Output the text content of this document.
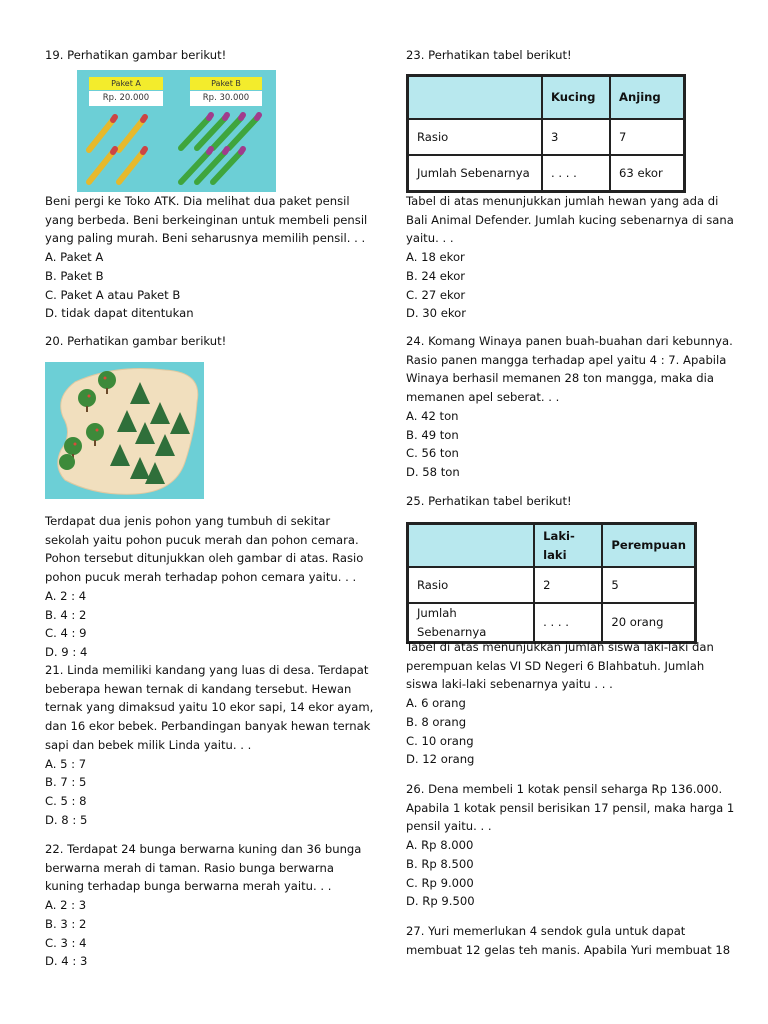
19. Perhatikan gambar berikut!
Paket A
Rp. 20.000
Paket B
Rp. 30.000
Beni pergi ke Toko ATK. Dia melihat dua paket pensil
yang berbeda. Beni berkeinginan untuk membeli pensil
yang paling murah. Beni seharusnya memilih pensil. . .
A. Paket A
B. Paket B
C. Paket A atau Paket B
D. tidak dapat ditentukan
20. Perhatikan gambar berikut!
Terdapat dua jenis pohon yang tumbuh di sekitar
sekolah yaitu pohon pucuk merah dan pohon cemara.
Pohon tersebut ditunjukkan oleh gambar di atas. Rasio
pohon pucuk merah terhadap pohon cemara yaitu. . .
A. 2 : 4
B. 4 : 2
C. 4 : 9
D. 9 : 4
21. Linda memiliki kandang yang luas di desa. Terdapat
beberapa hewan ternak di kandang tersebut. Hewan
ternak yang dimaksud yaitu 10 ekor sapi, 14 ekor ayam,
dan 16 ekor bebek. Perbandingan banyak hewan ternak
sapi dan bebek milik Linda yaitu. . .
A. 5 : 7
B. 7 : 5
C. 5 : 8
D. 8 : 5
22. Terdapat 24 bunga berwarna kuning dan 36 bunga
berwarna merah di taman. Rasio bunga berwarna
kuning terhadap bunga berwarna merah yaitu. . .
A. 2 : 3
B. 3 : 2
C. 3 : 4
D. 4 : 3
23. Perhatikan tabel berikut!
	Kucing	Anjing
Rasio	3	7
Jumlah Sebenarnya	. . . .	63 ekor
Tabel di atas menunjukkan jumlah hewan yang ada di
Bali Animal Defender. Jumlah kucing sebenarnya di sana
yaitu. . .
A. 18 ekor
B. 24 ekor
C. 27 ekor
D. 30 ekor
24. Komang Winaya panen buah-buahan dari kebunnya.
Rasio panen mangga terhadap apel yaitu 4 : 7. Apabila
Winaya berhasil memanen 28 ton mangga, maka dia
memanen apel seberat. . .
A. 42 ton
B. 49 ton
C. 56 ton
D. 58 ton
25. Perhatikan tabel berikut!
	Laki-laki	Perempuan
Rasio	2	5
Jumlah Sebenarnya	. . . .	20 orang
Tabel di atas menunjukkan jumlah siswa laki-laki dan
perempuan kelas VI SD Negeri 6 Blahbatuh. Jumlah
siswa laki-laki sebenarnya yaitu . . .
A. 6 orang
B. 8 orang
C. 10 orang
D. 12 orang
26. Dena membeli 1 kotak pensil seharga Rp 136.000.
Apabila 1 kotak pensil berisikan 17 pensil, maka harga 1
pensil yaitu. . .
A. Rp 8.000
B. Rp 8.500
C. Rp 9.000
D. Rp 9.500
27. Yuri memerlukan 4 sendok gula untuk dapat
membuat 12 gelas teh manis. Apabila Yuri membuat 18
